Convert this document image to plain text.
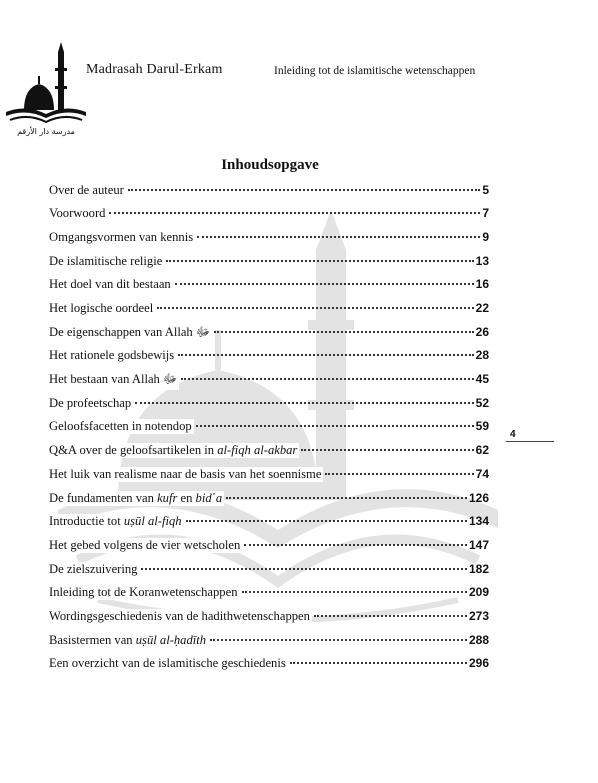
مدرسة دار الأرقم
Madrasah Darul-Erkam	Inleiding tot de islamitische wetenschappen
Inhoudsopgave
Over de auteur	5
Voorwoord	7
Omgangsvormen van kennis	9
De islamitische religie	13
Het doel van dit bestaan	16
Het logische oordeel	22
De eigenschappen van Allah ﷻ	26
Het rationele godsbewijs	28
Het bestaan van Allah ﷻ	45
De profeetschap	52
Geloofsfacetten in notendop	59
Q&A over de geloofsartikelen in al-fiqh al-akbar	62
Het luik van realisme naar de basis van het soennisme	74
De fundamenten van kufr en bid῾a	126
Introductie tot uṣūl al-fiqh	134
Het gebed volgens de vier wetscholen	147
De zielszuivering	182
Inleiding tot de Koranwetenschappen	209
Wordingsgeschiedenis van de hadithwetenschappen	273
Basistermen van uṣūl al-ḥadīth	288
Een overzicht van de islamitische geschiedenis	296
4
